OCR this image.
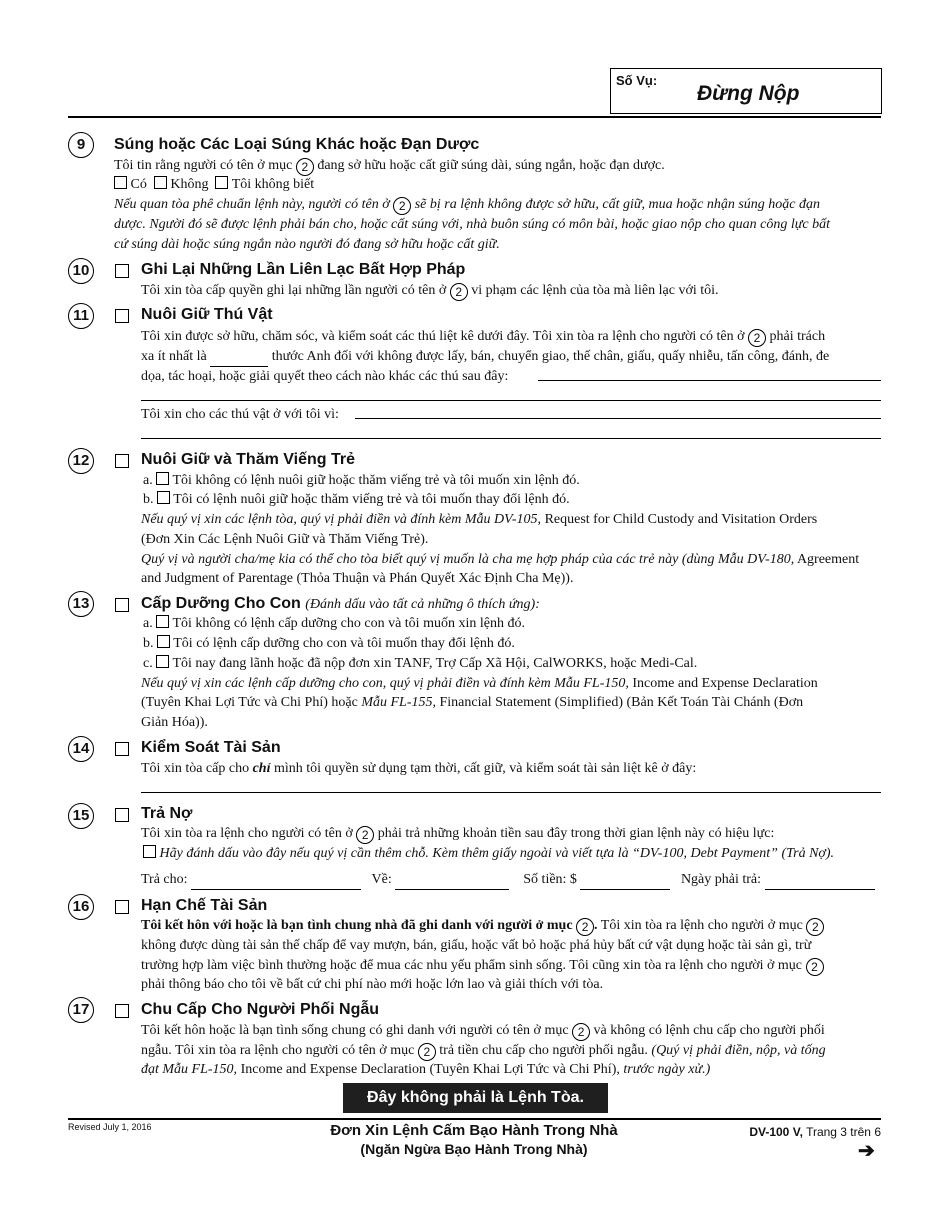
Số Vụ:
Đừng Nộp
9	Súng hoặc Các Loại Súng Khác hoặc Đạn Dược
Tôi tin rằng người có tên ở mục 2 đang sở hữu hoặc cất giữ súng dài, súng ngắn, hoặc đạn dược.
Có Không Tôi không biết
Nếu quan tòa phê chuẩn lệnh này, người có tên ở 2 sẽ bị ra lệnh không được sở hữu, cất giữ, mua hoặc nhận súng hoặc đạn
dược. Người đó sẽ được lệnh phải bán cho, hoặc cất súng với, nhà buôn súng có môn bài, hoặc giao nộp cho quan công lực bất
cứ súng dài hoặc súng ngắn nào người đó đang sở hữu hoặc cất giữ.
10	Ghi Lại Những Lần Liên Lạc Bất Hợp Pháp
Tôi xin tòa cấp quyền ghi lại những lần người có tên ở 2 vi phạm các lệnh của tòa mà liên lạc với tôi.
11	Nuôi Giữ Thú Vật
Tôi xin được sở hữu, chăm sóc, và kiểm soát các thú liệt kê dưới đây. Tôi xin tòa ra lệnh cho người có tên ở 2 phải trách
xa ít nhất là	thước Anh đối với không được lấy, bán, chuyển giao, thế chân, giấu, quấy nhiễu, tấn công, đánh, đe
dọa, tác hoại, hoặc giải quyết theo cách nào khác các thú sau đây:
Tôi xin cho các thú vật ở với tôi vì:
12	Nuôi Giữ và Thăm Viếng Trẻ
a. Tôi không có lệnh nuôi giữ hoặc thăm viếng trẻ và tôi muốn xin lệnh đó.
b. Tôi có lệnh nuôi giữ hoặc thăm viếng trẻ và tôi muốn thay đổi lệnh đó.
Nếu quý vị xin các lệnh tòa, quý vị phải điền và đính kèm Mẫu DV-105, Request for Child Custody and Visitation Orders
(Đơn Xin Các Lệnh Nuôi Giữ và Thăm Viếng Trẻ).
Quý vị và người cha/mẹ kia có thể cho tòa biết quý vị muốn là cha mẹ hợp pháp của các trẻ này (dùng Mẫu DV-180, Agreement
and Judgment of Parentage (Thỏa Thuận và Phán Quyết Xác Định Cha Mẹ)).
13	Cấp Dưỡng Cho Con (Đánh dấu vào tất cả những ô thích ứng):
a. Tôi không có lệnh cấp dưỡng cho con và tôi muốn xin lệnh đó.
b. Tôi có lệnh cấp dưỡng cho con và tôi muốn thay đổi lệnh đó.
c. Tôi nay đang lãnh hoặc đã nộp đơn xin TANF, Trợ Cấp Xã Hội, CalWORKS, hoặc Medi-Cal.
Nếu quý vị xin các lệnh cấp dưỡng cho con, quý vị phải điền và đính kèm Mẫu FL-150, Income and Expense Declaration
(Tuyên Khai Lợi Tức và Chi Phí) hoặc Mẫu FL-155, Financial Statement (Simplified) (Bản Kết Toán Tài Chánh (Đơn
Giản Hóa)).
14	Kiểm Soát Tài Sản
Tôi xin tòa cấp cho chỉ mình tôi quyền sử dụng tạm thời, cất giữ, và kiểm soát tài sản liệt kê ở đây:
15	Trả Nợ
Tôi xin tòa ra lệnh cho người có tên ở 2 phải trả những khoản tiền sau đây trong thời gian lệnh này có hiệu lực:
Hãy đánh dấu vào đây nếu quý vị cần thêm chỗ. Kèm thêm giấy ngoài và viết tựa là “DV-100, Debt Payment” (Trả Nợ).
Trả cho:	Về:	Số tiền: $	Ngày phải trả:
16	Hạn Chế Tài Sản
Tôi kết hôn với hoặc là bạn tình chung nhà đã ghi danh với người ở mục 2 . Tôi xin tòa ra lệnh cho người ở mục 2
không được dùng tài sản thế chấp để vay mượn, bán, giấu, hoặc vất bỏ hoặc phá hủy bất cứ vật dụng hoặc tài sản gì, trừ
trường hợp làm việc bình thường hoặc để mua các nhu yếu phẩm sinh sống. Tôi cũng xin tòa ra lệnh cho người ở mục 2
phải thông báo cho tôi về bất cứ chi phí nào mới hoặc lớn lao và giải thích với tòa.
17	Chu Cấp Cho Người Phối Ngẫu
Tôi kết hôn hoặc là bạn tình sống chung có ghi danh với người có tên ở mục 2 và không có lệnh chu cấp cho người phối
ngẫu. Tôi xin tòa ra lệnh cho người có tên ở mục 2 trả tiền chu cấp cho người phối ngẫu. (Quý vị phải điền, nộp, và tống
đạt Mẫu FL-150, Income and Expense Declaration (Tuyên Khai Lợi Tức và Chi Phí), trước ngày xử.)
Đây không phải là Lệnh Tòa.
Revised July 1, 2016	Đơn Xin Lệnh Cấm Bạo Hành Trong Nhà
(Ngăn Ngừa Bạo Hành Trong Nhà)
DV-100 V, Trang 3 trên 6
➔
